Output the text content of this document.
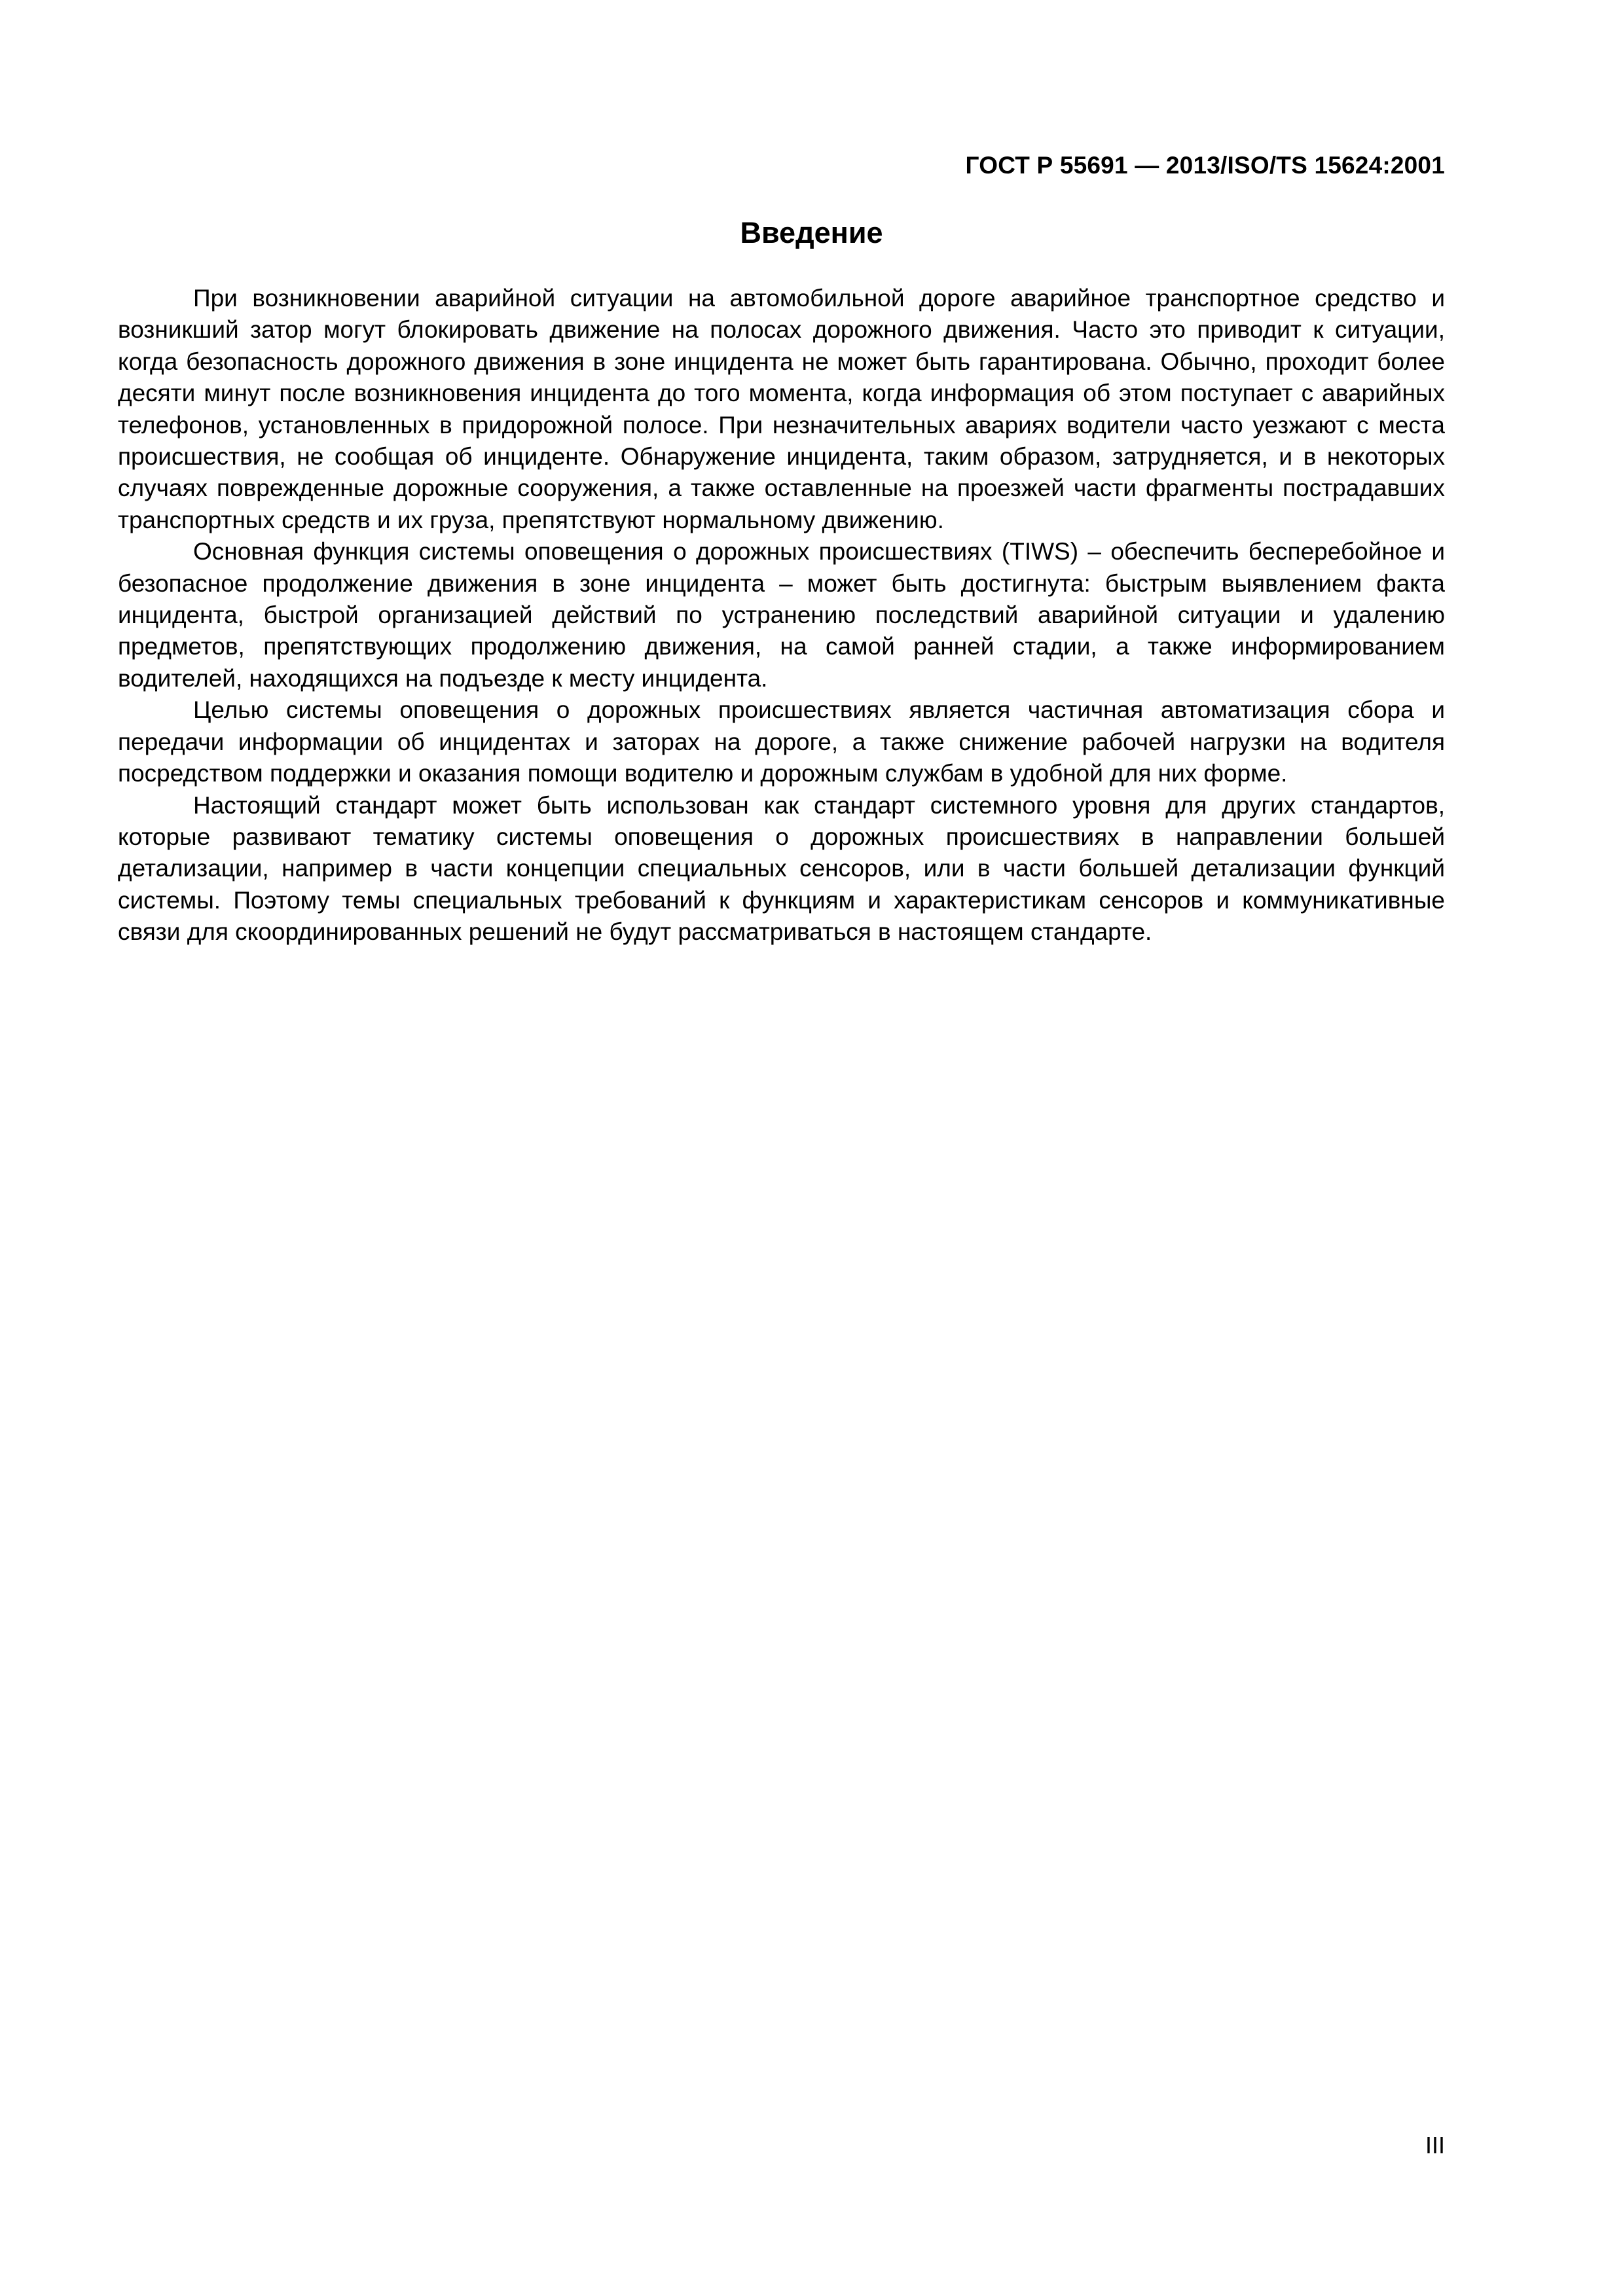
ГОСТ Р 55691 — 2013/ISO/TS 15624:2001
Введение

При возникновении аварийной ситуации на автомобильной дороге аварийное транспортное средство и возникший затор могут блокировать движение на полосах дорожного движения. Часто это приводит к ситуации, когда безопасность дорожного движения в зоне инцидента не может быть гарантирована. Обычно, проходит более десяти минут после возникновения инцидента до того момента, когда информация об этом поступает с аварийных телефонов, установленных в придорожной полосе. При незначительных авариях водители часто уезжают с места происшествия, не сообщая об инциденте. Обнаружение инцидента, таким образом, затрудняется, и в некоторых случаях поврежденные дорожные сооружения, а также оставленные на проезжей части фрагменты пострадавших транспортных средств и их груза, препятствуют нормальному движению.

Основная функция системы оповещения о дорожных происшествиях (TIWS) – обеспечить бесперебойное и безопасное продолжение движения в зоне инцидента – может быть достигнута: быстрым выявлением факта инцидента, быстрой организацией действий по устранению последствий аварийной ситуации и удалению предметов, препятствующих продолжению движения, на самой ранней стадии, а также информированием водителей, находящихся на подъезде к месту инцидента.

Целью системы оповещения о дорожных происшествиях является частичная автоматизация сбора и передачи информации об инцидентах и заторах на дороге, а также снижение рабочей нагрузки на водителя посредством поддержки и оказания помощи водителю и дорожным службам в удобной для них форме.

Настоящий стандарт может быть использован как стандарт системного уровня для других стандартов, которые развивают тематику системы оповещения о дорожных происшествиях в направлении большей детализации, например в части концепции специальных сенсоров, или в части большей детализации функций системы. Поэтому темы специальных требований к функциям и характеристикам сенсоров и коммуникативные связи для скоординированных решений не будут рассматриваться в настоящем стандарте.

III
